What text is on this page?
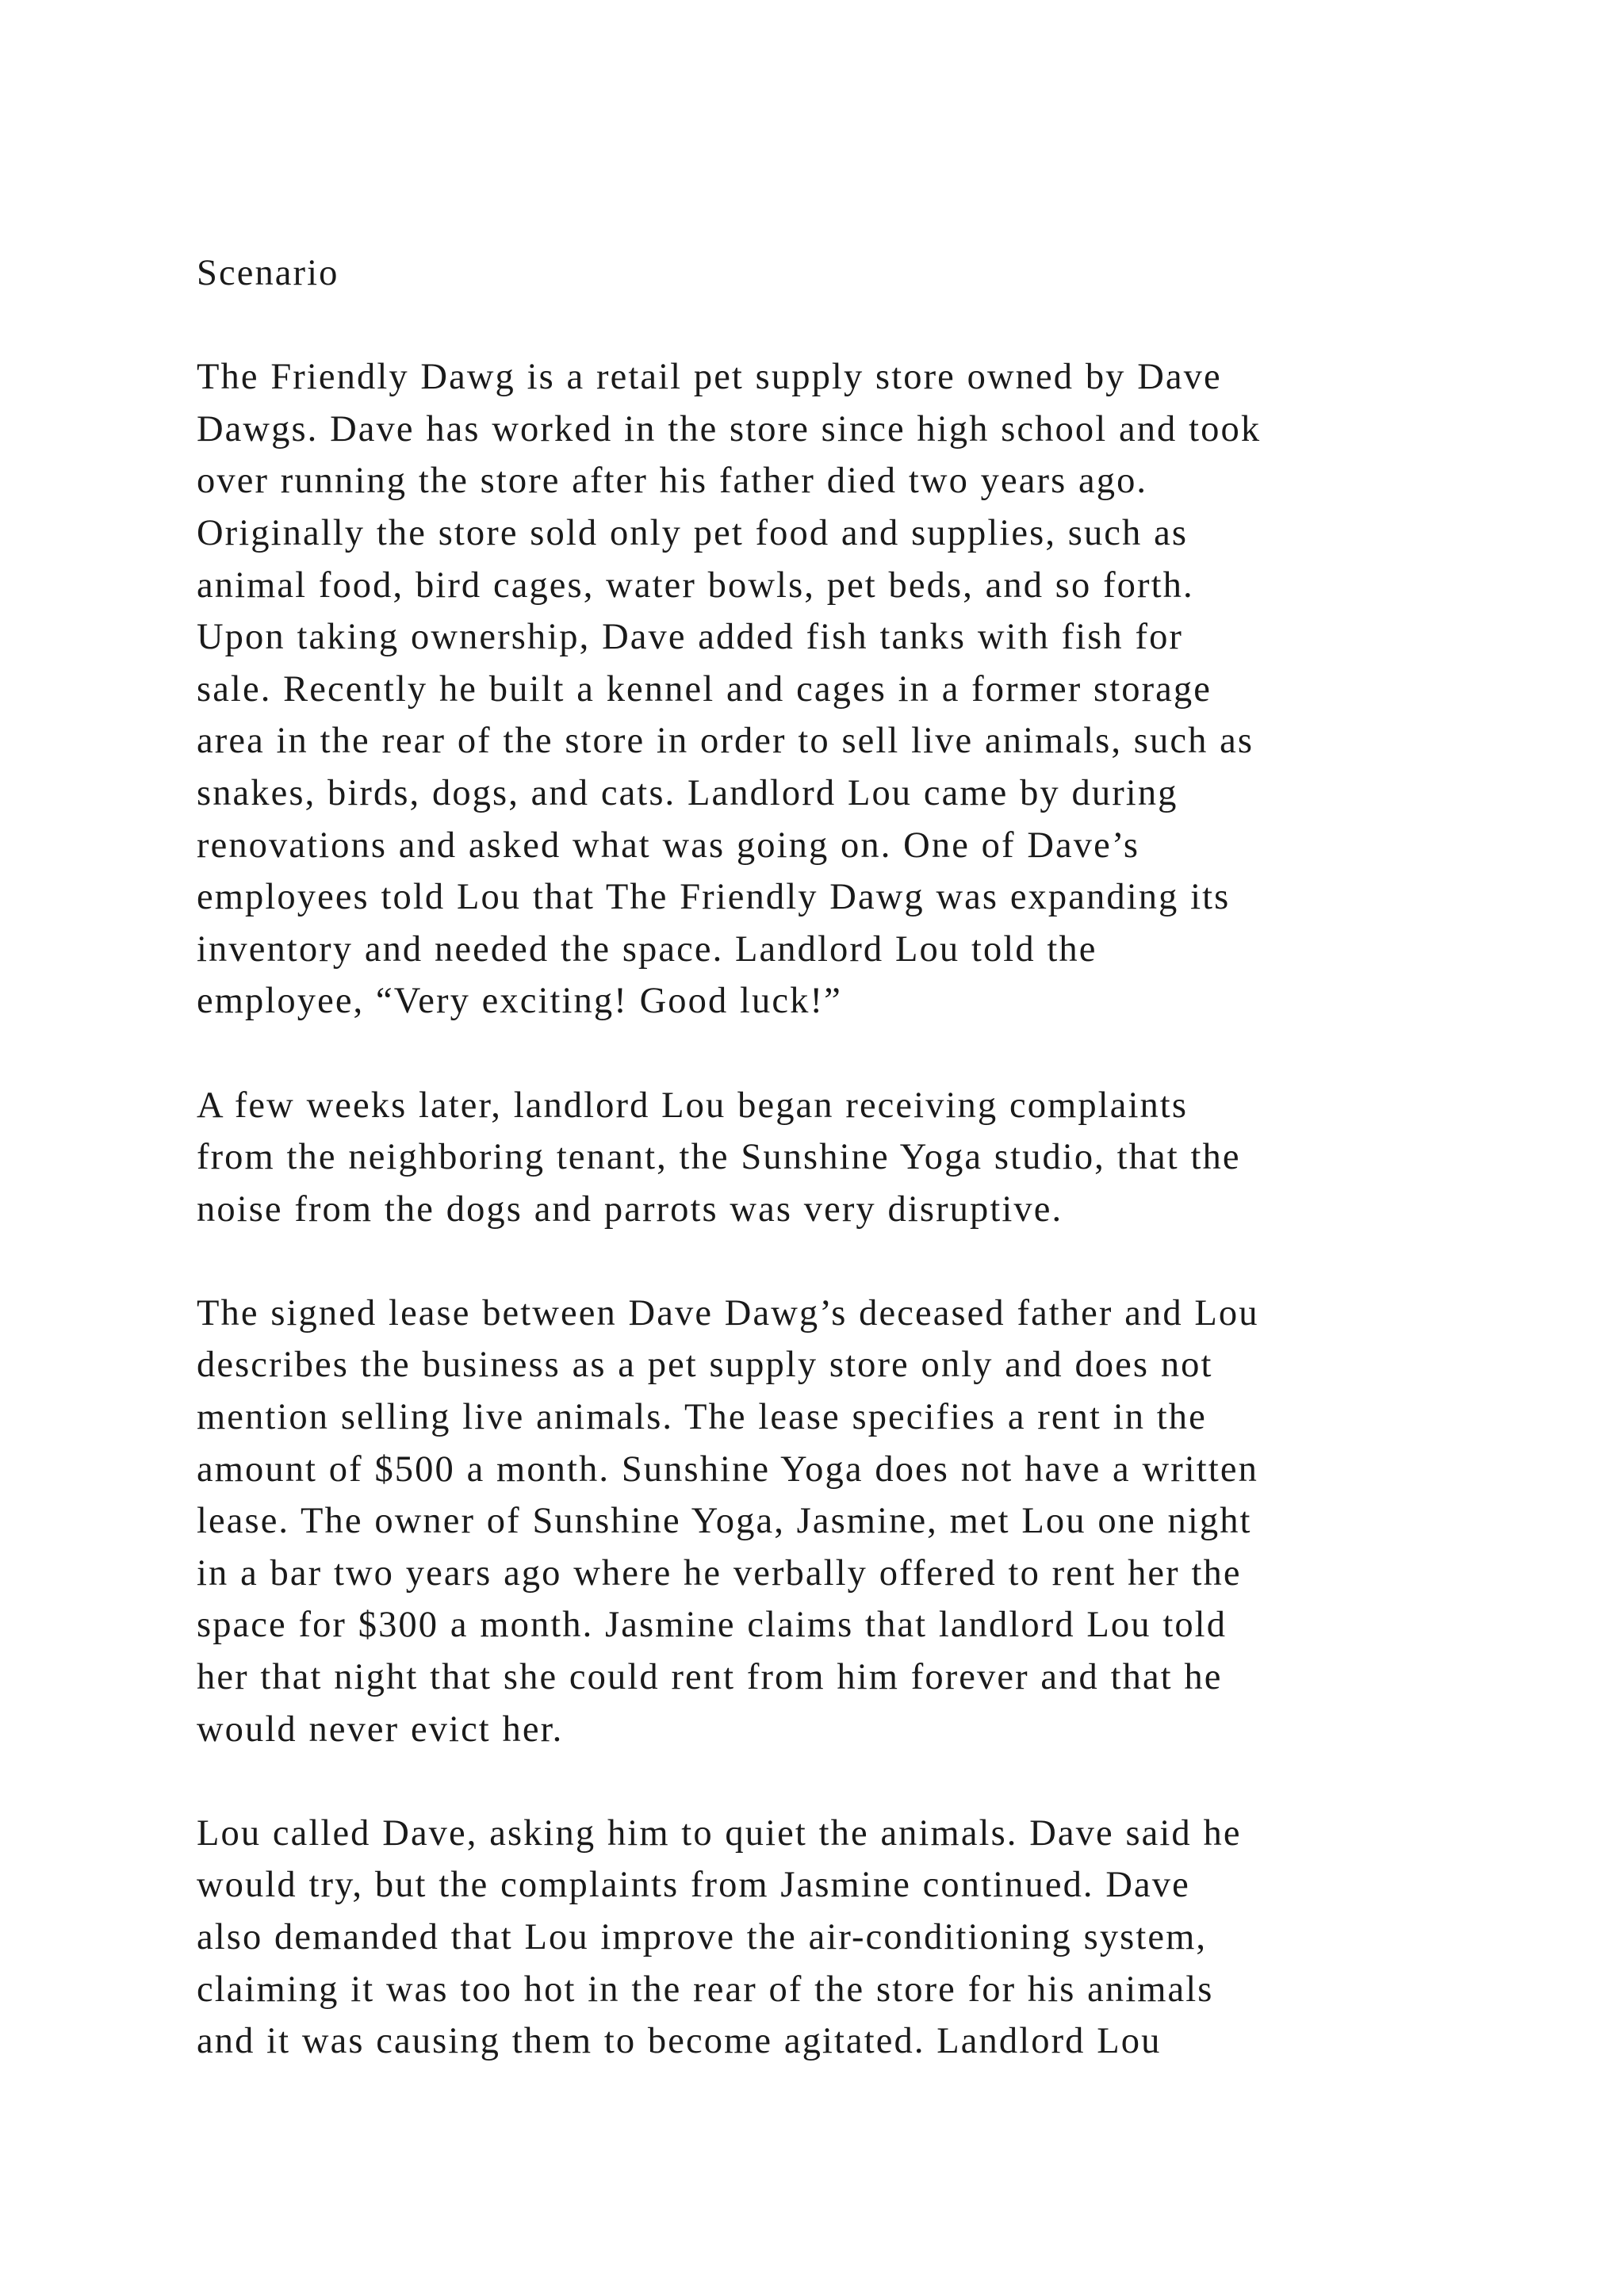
Scenario
The Friendly Dawg is a retail pet supply store owned by Dave
Dawgs. Dave has worked in the store since high school and took
over running the store after his father died two years ago.
Originally the store sold only pet food and supplies, such as
animal food, bird cages, water bowls, pet beds, and so forth.
Upon taking ownership, Dave added fish tanks with fish for
sale. Recently he built a kennel and cages in a former storage
area in the rear of the store in order to sell live animals, such as
snakes, birds, dogs, and cats. Landlord Lou came by during
renovations and asked what was going on. One of Dave’s
employees told Lou that The Friendly Dawg was expanding its
inventory and needed the space. Landlord Lou told the
employee, “Very exciting! Good luck!”
A few weeks later, landlord Lou began receiving complaints
from the neighboring tenant, the Sunshine Yoga studio, that the
noise from the dogs and parrots was very disruptive.
The signed lease between Dave Dawg’s deceased father and Lou
describes the business as a pet supply store only and does not
mention selling live animals. The lease specifies a rent in the
amount of $500 a month. Sunshine Yoga does not have a written
lease. The owner of Sunshine Yoga, Jasmine, met Lou one night
in a bar two years ago where he verbally offered to rent her the
space for $300 a month. Jasmine claims that landlord Lou told
her that night that she could rent from him forever and that he
would never evict her.
Lou called Dave, asking him to quiet the animals. Dave said he
would try, but the complaints from Jasmine continued. Dave
also demanded that Lou improve the air-conditioning system,
claiming it was too hot in the rear of the store for his animals
and it was causing them to become agitated. Landlord Lou
